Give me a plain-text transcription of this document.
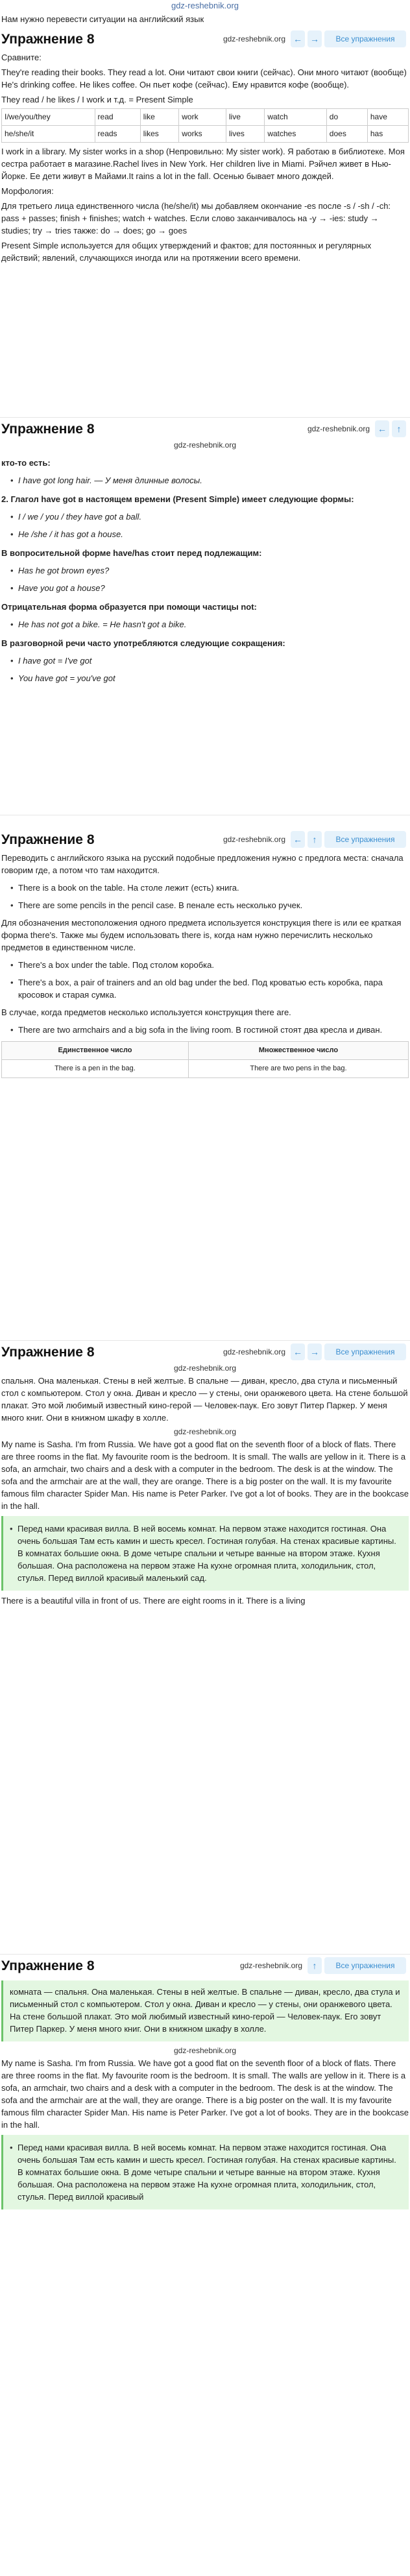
gdz-reshebnik.org

Нам нужно перевести ситуации на английский язык

Упражнение 8	gdz-reshebnik.org ← →	Все упражнения

Сравните:

They're reading their books. They read a lot. Они читают свои книги (сейчас). Они много читают (вообще) He's drinking coffee. He likes coffee. Он пьет кофе (сейчас). Ему нравится кофе (вообще).

They read / he likes / I work и т.д. = Present Simple

I/we/you/they	read	like	work	live	watch	do	have
he/she/it	reads	likes	works	lives	watches	does	has

I work in a library. My sister works in a shop (Непровильно: My sister work). Я работаю в библиотеке. Моя сестра работает в магазине.Rachel lives in New York. Her children live in Miami. Рэйчел живет в Нью-Йорке. Ее дети живут в Майами.It rains a lot in the fall. Осенью бывает много дождей.

Морфология:

Для третьего лица единственного числа (he/she/it) мы добавляем окончание -es после -s / -sh / -ch: pass + passes; finish + finishes; watch + watches. Если слово заканчивалось на -y → -ies: study → studies; try → tries также: do → does; go → goes

Present Simple используется для общих утверждений и фактов; для постоянных и регулярных действий; явлений, случающихся иногда или на протяжении всего времени.

Упражнение 8	gdz-reshebnik.org ←	↑
gdz-reshebnik.org

кто-то есть:

• I have got long hair. — У меня длинные волосы.

2. Глагол have got в настоящем времени (Present Simple) имеет следующие формы:

• I / we / you / they have got a ball.
• He /she / it has got a house.

В вопросительной форме have/has стоит перед подлежащим:

• Has he got brown eyes?
• Have you got a house?

Отрицательная форма образуется при помощи частицы not:

• He has not got a bike. = He hasn't got a bike.

В разговорной речи часто употребляются следующие сокращения:

• I have got = I've got
• You have got = you've got
Упражнение 8	gdz-reshebnik.org ←	↑	Все упражнения

Переводить с английского языка на русский подобные предложения нужно с предлога места: сначала говорим где, а потом что там находится.

• There is a book on the table. На столе лежит (есть) книга.
• There are some pencils in the pencil case. В пенале есть несколько ручек.

Для обозначения местоположения одного предмета используется конструкция there is или ее краткая форма there's. Также мы будем использовать there is, когда нам нужно перечислить несколько предметов в единственном числе.

• There's a box under the table. Под столом коробка.
• There's a box, a pair of trainers and an old bag under the bed. Под кроватью есть коробка, пара кросовок и старая сумка.

В случае, когда предметов несколько используется конструкция there are.

• There are two armchairs and a big sofa in the living room. В гостиной стоят два кресла и диван.
Единственное число	Множественное число
There is a pen in the bag.	There are two pens in the bag.
Упражнение 8	gdz-reshebnik.org ← →	Все упражнения
gdz-reshebnik.org

спальня. Она маленькая. Стены в ней желтые. В спальне — диван, кресло, два стула и письменный стол с компьютером. Стол у окна. Диван и кресло — у стены, они оранжевого цвета. На стене большой плакат. Это мой любимый известный кино-герой — Человек-паук. Его зовут Питер Паркер. У меня много книг. Они в книжном шкафу в холле.

gdz-reshebnik.org

My name is Sasha. I'm from Russia. We have got a good flat on the seventh floor of a block of flats. There are three rooms in the flat. My favourite room is the bedroom. It is small. The walls are yellow in it. There is a sofa, an armchair, two chairs and a desk with a computer in the bedroom. The desk is at the window. The sofa and the armchair are at the wall, they are orange. There is a big poster on the wall. It is my favourite famous film character Spider Man. His name is Peter Parker. I've got a lot of books. They are in the bookcase in the hall.

• Перед нами красивая вилла. В ней восемь комнат. На первом этаже находится гостиная. Она очень большая Там есть камин и шесть кресел. Гостиная голубая. На стенах красивые картины. В комнатах большие окна. В доме четыре спальни и четыре ванные на втором этаже. Кухня большая. Она расположена на первом этаже На кухне огромная плита, холодильник, стол, стулья. Перед виллой красивый маленький сад.

There is a beautiful villa in front of us. There are eight rooms in it. There is a living

Упражнение 8	gdz-reshebnik.org	↑	Все упражнения

комната — спальня. Она маленькая. Стены в ней желтые. В спальне — диван, кресло, два стула и письменный стол с компьютером. Стол у окна. Диван и кресло — у стены, они оранжевого цвета. На стене большой плакат. Это мой любимый известный кино-герой — Человек-паук. Его зовут Питер Паркер. У меня много книг. Они в книжном шкафу в холле.

gdz-reshebnik.org

My name is Sasha. I'm from Russia. We have got a good flat on the seventh floor of a block of flats. There are three rooms in the flat. My favourite room is the bedroom. It is small. The walls are yellow in it. There is a sofa, an armchair, two chairs and a desk with a computer in the bedroom. The desk is at the window. The sofa and the armchair are at the wall, they are orange. There is a big poster on the wall. It is my favourite famous film character Spider Man. His name is Peter Parker. I've got a lot of books. They are in the bookcase in the hall.

• Перед нами красивая вилла. В ней восемь комнат. На первом этаже находится гостиная. Она очень большая Там есть камин и шесть кресел. Гостиная голубая. На стенах красивые картины. В комнатах большие окна. В доме четыре спальни и четыре ванные на втором этаже. Кухня большая. Она расположена на первом этаже На кухне огромная плита, холодильник, стол, стулья. Перед виллой красивый
